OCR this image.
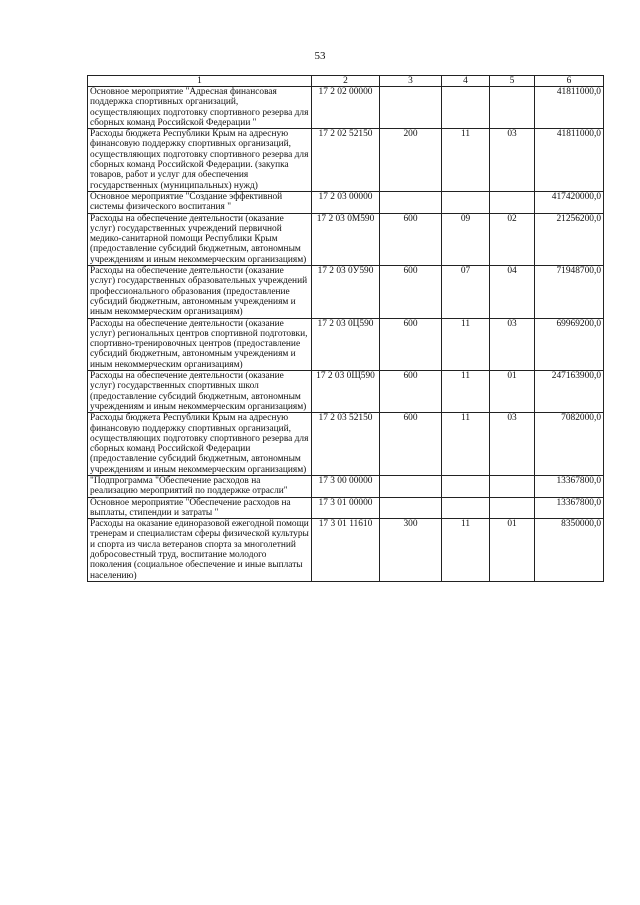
53
1	2	3	4	5	6
Основное мероприятие "Адресная финансовая поддержка спортивных организаций, осуществляющих подготовку спортивного резерва для сборных команд Российской Федерации "	17 2 02 00000				41811000,0
Расходы бюджета Республики Крым на адресную финансовую поддержку спортивных организаций, осуществляющих подготовку спортивного резерва для сборных команд Российской Федерации. (закупка товаров, работ и услуг для обеспечения государственных (муниципальных) нужд)	17 2 02 52150	200	11	03	41811000,0
Основное мероприятие "Создание эффективной системы физического воспитания "	17 2 03 00000				417420000,0
Расходы на обеспечение деятельности (оказание услуг) государственных учреждений первичной медико-санитарной помощи Республики Крым (предоставление субсидий бюджетным, автономным учреждениям и иным некоммерческим организациям)	17 2 03 0М590	600	09	02	21256200,0
Расходы на обеспечение деятельности (оказание услуг) государственных образовательных учреждений профессионального образования (предоставление субсидий бюджетным, автономным учреждениям и иным некоммерческим организациям)	17 2 03 0У590	600	07	04	71948700,0
Расходы на обеспечение деятельности (оказание услуг) региональных центров спортивной подготовки, спортивно-тренировочных центров (предоставление субсидий бюджетным, автономным учреждениям и иным некоммерческим организациям)	17 2 03 0Ц590	600	11	03	69969200,0
Расходы на обеспечение деятельности (оказание услуг) государственных спортивных школ (предоставление субсидий бюджетным, автономным учреждениям и иным некоммерческим организациям)	17 2 03 0Щ590	600	11	01	247163900,0
Расходы бюджета Республики Крым на адресную финансовую поддержку спортивных организаций, осуществляющих подготовку спортивного резерва для сборных команд Российской Федерации (предоставление субсидий бюджетным, автономным учреждениям и иным некоммерческим организациям)	17 2 03 52150	600	11	03	7082000,0
"Подпрограмма "Обеспечение расходов на реализацию мероприятий по поддержке отрасли"	17 3 00 00000				13367800,0
Основное мероприятие "Обеспечение расходов на выплаты, стипендии и затраты "	17 3 01 00000				13367800,0
Расходы на оказание единоразовой ежегодной помощи тренерам и специалистам сферы физической культуры и спорта из числа ветеранов спорта за многолетний добросовестный труд, воспитание молодого поколения (социальное обеспечение и иные выплаты населению)	17 3 01 11610	300	11	01	8350000,0
